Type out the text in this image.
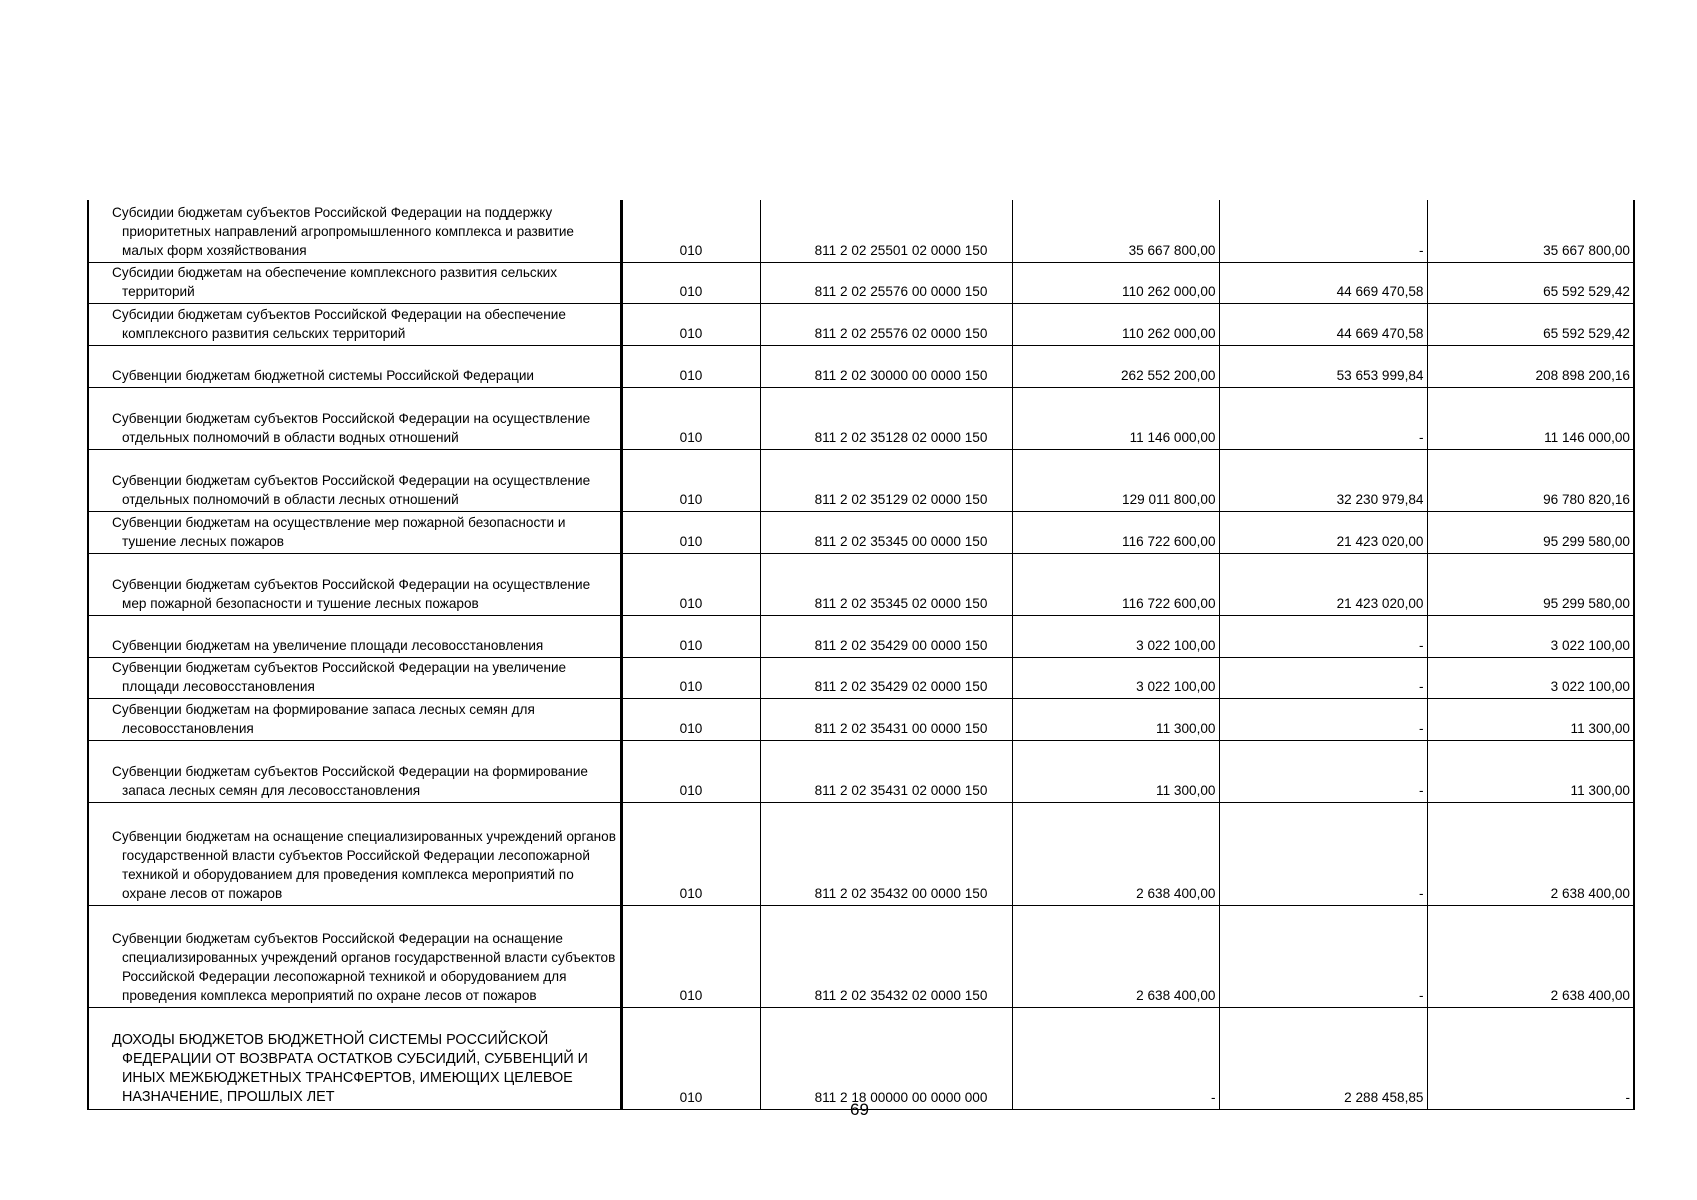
Субсидии бюджетам субъектов Российской Федерации на поддержку приоритетных направлений агропромышленного комплекса и развитие малых форм хозяйствования	010	811 2 02 25501 02 0000 150	35 667 800,00	-	35 667 800,00
Субсидии бюджетам на обеспечение комплексного развития сельских территорий	010	811 2 02 25576 00 0000 150	110 262 000,00	44 669 470,58	65 592 529,42
Субсидии бюджетам субъектов Российской Федерации на обеспечение комплексного развития сельских территорий	010	811 2 02 25576 02 0000 150	110 262 000,00	44 669 470,58	65 592 529,42
Субвенции бюджетам бюджетной системы Российской Федерации	010	811 2 02 30000 00 0000 150	262 552 200,00	53 653 999,84	208 898 200,16
Субвенции бюджетам субъектов Российской Федерации на осуществление отдельных полномочий в области водных отношений	010	811 2 02 35128 02 0000 150	11 146 000,00	-	11 146 000,00
Субвенции бюджетам субъектов Российской Федерации на осуществление отдельных полномочий в области лесных отношений	010	811 2 02 35129 02 0000 150	129 011 800,00	32 230 979,84	96 780 820,16
Субвенции бюджетам на осуществление мер пожарной безопасности и тушение лесных пожаров	010	811 2 02 35345 00 0000 150	116 722 600,00	21 423 020,00	95 299 580,00
Субвенции бюджетам субъектов Российской Федерации на осуществление мер пожарной безопасности и тушение лесных пожаров	010	811 2 02 35345 02 0000 150	116 722 600,00	21 423 020,00	95 299 580,00
Субвенции бюджетам на увеличение площади лесовосстановления	010	811 2 02 35429 00 0000 150	3 022 100,00	-	3 022 100,00
Субвенции бюджетам субъектов Российской Федерации на увеличение площади лесовосстановления	010	811 2 02 35429 02 0000 150	3 022 100,00	-	3 022 100,00
Субвенции бюджетам на формирование запаса лесных семян для лесовосстановления	010	811 2 02 35431 00 0000 150	11 300,00	-	11 300,00
Субвенции бюджетам субъектов Российской Федерации на формирование запаса лесных семян для лесовосстановления	010	811 2 02 35431 02 0000 150	11 300,00	-	11 300,00
Субвенции бюджетам на оснащение специализированных учреждений органов государственной власти субъектов Российской Федерации лесопожарной техникой и оборудованием для проведения комплекса мероприятий по охране лесов от пожаров	010	811 2 02 35432 00 0000 150	2 638 400,00	-	2 638 400,00
Субвенции бюджетам субъектов Российской Федерации на оснащение специализированных учреждений органов государственной власти субъектов Российской Федерации лесопожарной техникой и оборудованием для проведения комплекса мероприятий по охране лесов от пожаров	010	811 2 02 35432 02 0000 150	2 638 400,00	-	2 638 400,00
ДОХОДЫ БЮДЖЕТОВ БЮДЖЕТНОЙ СИСТЕМЫ РОССИЙСКОЙ ФЕДЕРАЦИИ ОТ ВОЗВРАТА ОСТАТКОВ СУБСИДИЙ, СУБВЕНЦИЙ И ИНЫХ МЕЖБЮДЖЕТНЫХ ТРАНСФЕРТОВ, ИМЕЮЩИХ ЦЕЛЕВОЕ НАЗНАЧЕНИЕ, ПРОШЛЫХ ЛЕТ	010	811 2 18 00000 00 0000 000	-	2 288 458,85	-
69
